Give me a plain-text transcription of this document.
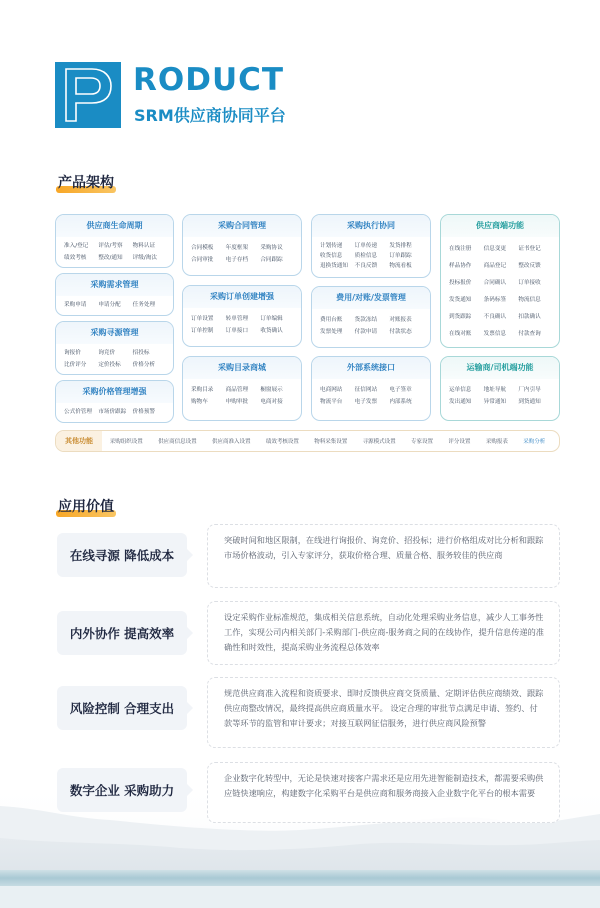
RODUCT
SRM供应商协同平台
产品架构
供应商生命周期
准入/登记	评估/考察	物料认证
绩效考核	整改/通知	评级/淘汰
采购需求管理
采购申请	申请分配	任务处理
采购寻源管理
询报价	询竞价	招投标
比价评分	定价投标	价格分析
采购价格管理增强
公式价管理	市场价跟踪	价格预警
采购合同管理
合同模板	年度框架	采购协议
合同审批	电子存档	合同跟踪
采购订单创建增强
订单设置	转单管理	订单编辑
订单控制	订单接口	收货确认
采购目录商城
采购目录	商品管理	橱窗展示
购物车	申购审批	电商对接
采购执行协同
计划传递	订单传递	发货排程
收货信息	质检信息	订单跟踪
退换货通知	不良反馈	物流看板
费用/对账/发票管理
费用台账	货款冻结	对账报表
发票处理	付款申请	付款状态
外部系统接口
电商网站	征信网站	电子签章
物流平台	电子发票	内部系统
供应商端功能
在线注册	信息变更	证书登记
样品协作	商品登记	整改反馈
投标报价	合同确认	订单接收
发货通知	条码标签	物流信息
到货跟踪	不良确认	扣款确认
在线对账	发票信息	付款查询
运输商/司机端功能
运单信息	地址导航	厂内引导
发出通知	异常通知	到货通知
其他功能	采购组织设置	供应商信息设置	供应商准入设置	绩效考核设置	物料采集设置	寻源模式设置	专家设置	评分设置	采购报表	采购分析
应用价值
在线寻源 降低成本
突破时间和地区限制，在线进行询报价、询竞价、招投标；进行价格组成对比分析和跟踪市场价格波动，引入专家评分，获取价格合理、质量合格、服务较佳的供应商
内外协作 提高效率
设定采购作业标准规范，集成相关信息系统，自动化处理采购业务信息，减少人工事务性工作，实现公司内相关部门-采购部门-供应商-服务商之间的在线协作，提升信息传递的准确性和时效性，提高采购业务流程总体效率
风险控制 合理支出
规范供应商准入流程和资质要求、即时反馈供应商交货质量、定期评估供应商绩效、跟踪供应商整改情况，最终提高供应商质量水平。 设定合理的审批节点满足申请、签约、付款等环节的监管和审计要求；对接互联网征信服务，进行供应商风险预警
数字企业 采购助力
企业数字化转型中，无论是快速对接客户需求还是应用先进智能制造技术，都需要采购供应链快速响应，构建数字化采购平台是供应商和服务商接入企业数字化平台的根本需要
